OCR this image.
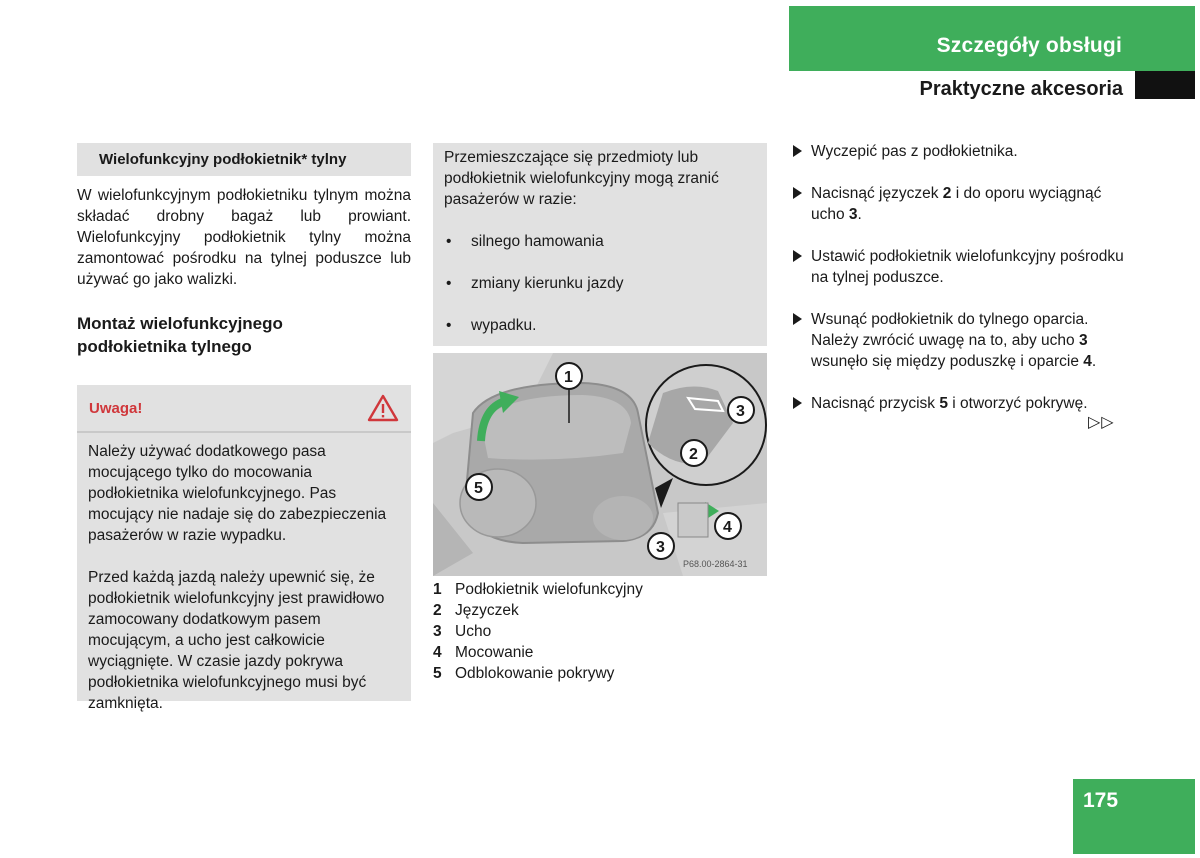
Szczegóły obsługi
Praktyczne akcesoria
Wielofunkcyjny podłokietnik* tylny
W wielofunkcyjnym podłokietniku tylnym można składać drobny bagaż lub prowiant. Wielofunkcyjny podłokietnik tylny można zamontować pośrodku na tylnej poduszce lub używać go jako walizki.
Montaż wielofunkcyjnego
podłokietnika tylnego
Uwaga!

Należy używać dodatkowego pasa mocującego tylko do mocowania podłokietnika wielofunkcyjnego. Pas mocujący nie nadaje się do zabezpieczenia pasażerów w razie wypadku.

Przed każdą jazdą należy upewnić się, że podłokietnik wielofunkcyjny jest prawidłowo zamocowany dodatkowym pasem mocującym, a ucho jest całkowicie wyciągnięte. W czasie jazdy pokrywa podłokietnika wielofunkcyjnego musi być zamknięta.

Przemieszczające się przedmioty lub podłokietnik wielofunkcyjny mogą zranić pasażerów w razie:
• silnego hamowania
• zmiany kierunku jazdy
• wypadku.
1
2
3
3
4
5
P68.00-2864-31
1 Podłokietnik wielofunkcyjny
2 Języczek
3 Ucho
4 Mocowanie
5 Odblokowanie pokrywy
Wyczepić pas z podłokietnika.
Nacisnąć języczek 2 i do oporu wyciągnąć ucho 3.
Ustawić podłokietnik wielofunkcyjny pośrodku na tylnej poduszce.
Wsunąć podłokietnik do tylnego oparcia. Należy zwrócić uwagę na to, aby ucho 3 wsunęło się między poduszkę i oparcie 4.
Nacisnąć przycisk 5 i otworzyć pokrywę.
▷▷
175
